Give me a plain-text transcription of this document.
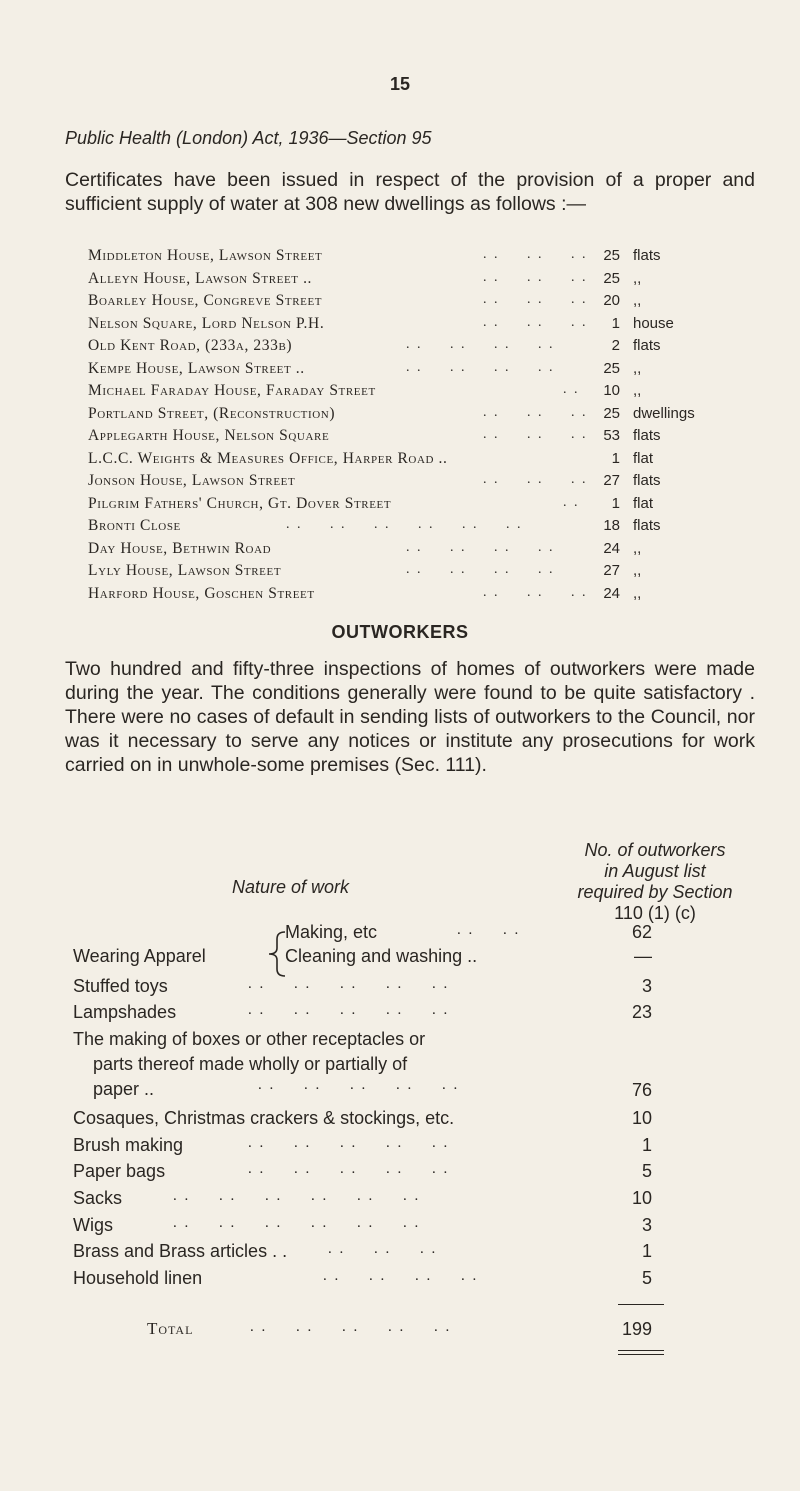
15
Public Health (London) Act, 1936—Section 95
Certificates have been issued in respect of the provision of a proper and sufficient supply of water at 308 new dwellings as follows :—
Middleton House, Lawson Street	. .     . .     . . 25 flats
Alleyn House, Lawson Street ..	. .     . .     . . 25 ,,
Boarley House, Congreve Street	. .     . .     . . 20 ,,
Nelson Square, Lord Nelson P.H.	. .     . .     . . 1 house
Old Kent Road, (233a, 233b)	. .     . .     . .     . .	2 flats
Kempe House, Lawson Street ..	. .     . .     . .     . .	25 ,,
Michael Faraday House, Faraday Street	. . 10 ,,
Portland Street, (Reconstruction)	. .     . .     . . 25 dwellings
Applegarth House, Nelson Square	. .     . .     . . 53 flats
L.C.C. Weights & Measures Office, Harper Road ..	1 flat
Jonson House, Lawson Street	. .     . .     . . 27 flats
Pilgrim Fathers' Church, Gt. Dover Street	. . 1 flat
Bronti Close	. .     . .     . .     . .     . .     . .	18 flats
Day House, Bethwin Road	. .     . .     . .     . .	24 ,,
Lyly House, Lawson Street	. .     . .     . .     . .	27 ,,
Harford House, Goschen Street	. .     . .     . . 24 ,,
OUTWORKERS
Two hundred and fifty-three inspections of homes of outworkers were made during the year. The conditions generally were found to be quite satisfactory . There were no cases of default in sending lists of outworkers to the Council, nor was it necessary to serve any notices or institute any prosecutions for work carried on in unwhole-some premises (Sec. 111).
No. of outworkers
in August list
required by Section
110 (1) (c)
Nature of work
Wearing Apparel
Making, etc	. .     . .	62
Cleaning and washing ..	—
Stuffed toys	. .     . .     . .     . .     . .	3
Lampshades	. .     . .     . .     . .     . .	23
The making of boxes or other receptacles or
parts thereof made wholly or partially of
paper ..	. .     . .     . .     . .     . .	76
Cosaques, Christmas crackers & stockings, etc.	10
Brush making	. .     . .     . .     . .     . .	1
Paper bags	. .     . .     . .     . .     . .	5
Sacks	. .     . .     . .     . .     . .     . .	10
Wigs	. .     . .     . .     . .     . .     . .	3
Brass and Brass articles . .	. .     . .     . .	1
Household linen	. .     . .     . .     . .	5
Total	. .     . .     . .     . .     . .	199
